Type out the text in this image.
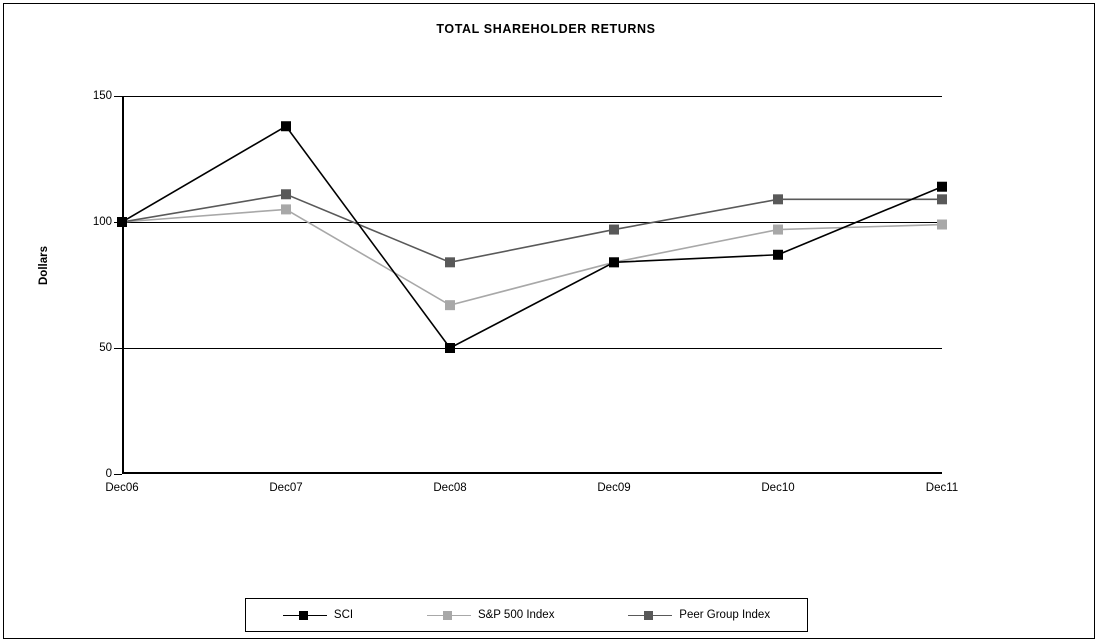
TOTAL SHAREHOLDER RETURNS
Dollars
0
50
100
150
Dec06	Dec07	Dec08	Dec09	Dec10	Dec11
SCI	S&P 500 Index	Peer Group Index
